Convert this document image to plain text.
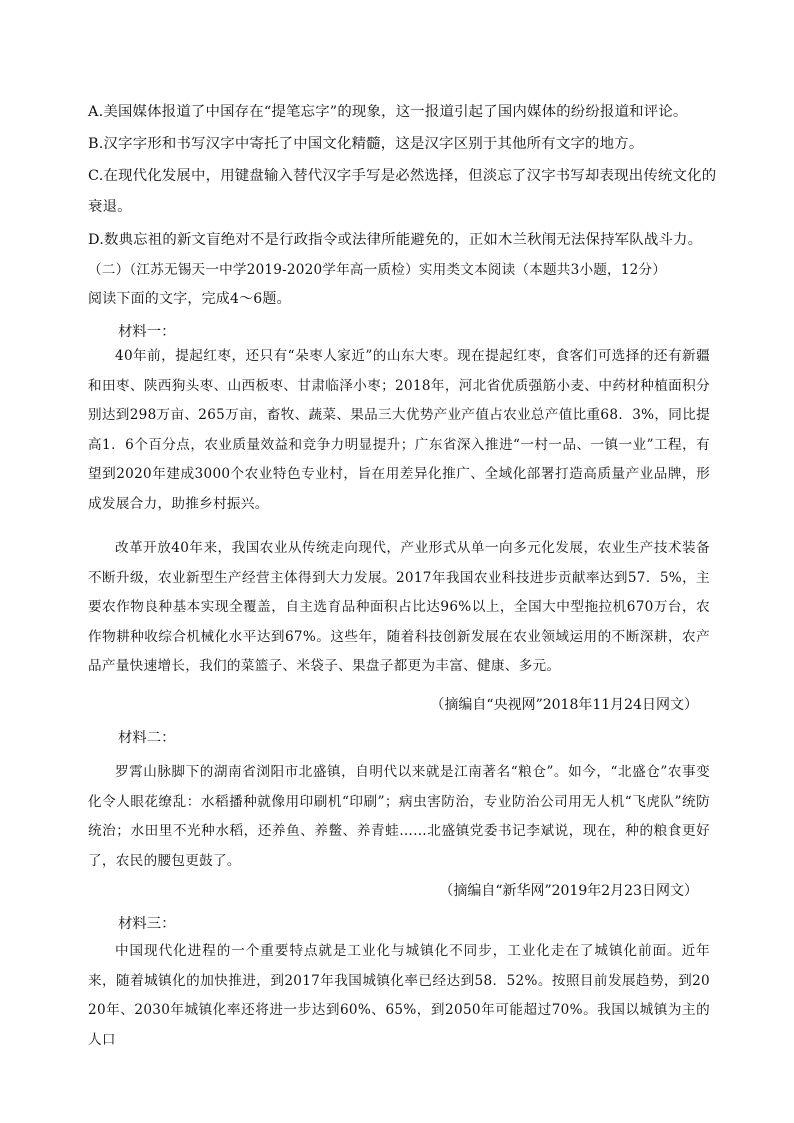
A.美国媒体报道了中国存在“提笔忘字”的现象，这一报道引起了国内媒体的纷纷报道和评论。
B.汉字字形和书写汉字中寄托了中国文化精髓，这是汉字区别于其他所有文字的地方。
C.在现代化发展中，用键盘输入替代汉字手写是必然选择，但淡忘了汉字书写却表现出传统文化的
衰退。
D.数典忘祖的新文盲绝对不是行政指令或法律所能避免的，正如木兰秋闱无法保持军队战斗力。
（二）（江苏无锡天一中学2019-2020学年高一质检）实用类文本阅读（本题共3小题，12分）
阅读下面的文字，完成4～6题。
材料一：
40年前，提起红枣，还只有“朵枣人家近”的山东大枣。现在提起红枣，食客们可选择的还有新疆和田枣、陕西狗头枣、山西板枣、甘肃临泽小枣；2018年，河北省优质强筋小麦、中药材种植面积分别达到298万亩、265万亩，畜牧、蔬菜、果品三大优势产业产值占农业总产值比重68．3%，同比提高1．6个百分点，农业质量效益和竞争力明显提升；广东省深入推进“一村一品、一镇一业”工程，有望到2020年建成3000个农业特色专业村，旨在用差异化推广、全域化部署打造高质量产业品牌，形成发展合力，助推乡村振兴。
改革开放40年来，我国农业从传统走向现代，产业形式从单一向多元化发展，农业生产技术装备不断升级，农业新型生产经营主体得到大力发展。2017年我国农业科技进步贡献率达到57．5%，主要农作物良种基本实现全覆盖，自主选育品种面积占比达96%以上，全国大中型拖拉机670万台，农作物耕种收综合机械化水平达到67%。这些年，随着科技创新发展在农业领域运用的不断深耕，农产品产量快速增长，我们的菜篮子、米袋子、果盘子都更为丰富、健康、多元。
（摘编自“央视网”2018年11月24日网文）
材料二：
罗霄山脉脚下的湖南省浏阳市北盛镇，自明代以来就是江南著名“粮仓”。如今，“北盛仓”农事变化令人眼花缭乱：水稻播种就像用印刷机“印刷”；病虫害防治，专业防治公司用无人机“飞虎队”统防统治；水田里不光种水稻，还养鱼、养鳖、养青蛙……北盛镇党委书记李斌说，现在，种的粮食更好了，农民的腰包更鼓了。
（摘编自“新华网”2019年2月23日网文）
材料三：
中国现代化进程的一个重要特点就是工业化与城镇化不同步，工业化走在了城镇化前面。近年来，随着城镇化的加快推进，到2017年我国城镇化率已经达到58．52%。按照目前发展趋势，到2020年、2030年城镇化率还将进一步达到60%、65%，到2050年可能超过70%。我国以城镇为主的人口
